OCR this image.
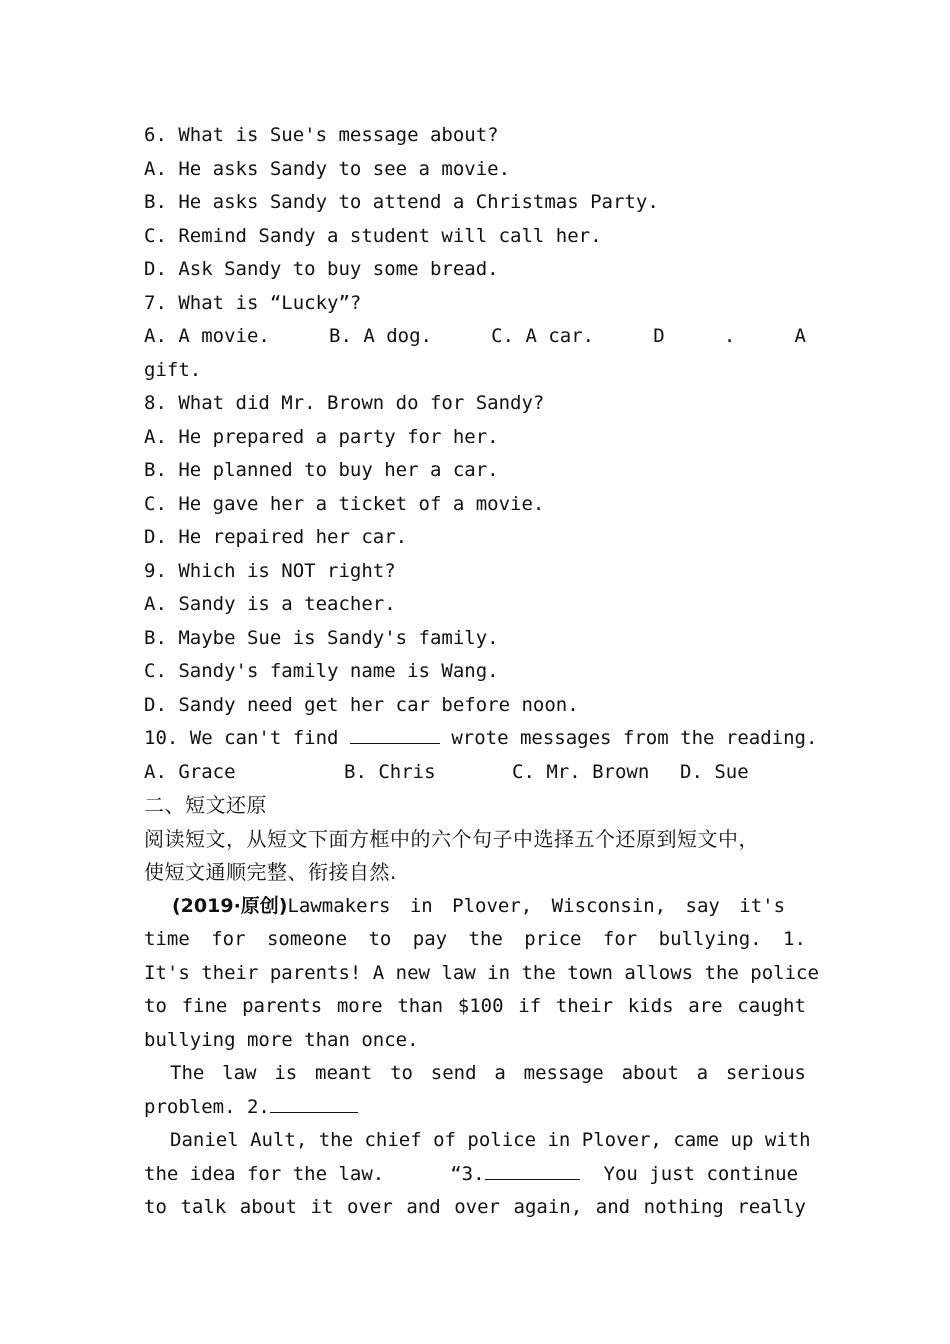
6. What is Sue's message about?
A. He asks Sandy to see a movie.
B. He asks Sandy to attend a Christmas Party.
C. Remind Sandy a student will call her.
D. Ask Sandy to buy some bread.
7. What is “Lucky”?
A. A movie.	B. A dog.	C. A car.	D	.	A
gift.
8. What did Mr. Brown do for Sandy?
A. He prepared a party for her.
B. He planned to buy her a car.
C. He gave her a ticket of a movie.
D. He repaired her car.
9. Which is NOT right?
A. Sandy is a teacher.
B. Maybe Sue is Sandy's family.
C. Sandy's family name is Wang.
D. Sandy need get her car before noon.
10. We can't find	wrote messages from the reading.
A. Grace	B. Chris	C. Mr. Brown D. Sue
二、短文还原
阅读短文，从短文下面方框中的六个句子中选择五个还原到短文中，
使短文通顺完整、衔接自然.
(2019·原创)Lawmakers in Plover, Wisconsin, say it's
time for someone to pay the price for bullying. 1.
It's their parents! A new law in the town allows the police
to fine parents more than $100 if their kids are caught
bullying more than once.
The law is meant to send a message about a serious
problem. 2.
Daniel Ault, the chief of police in Plover, came up with
the idea for the law.	“3.	You just continue
to talk about it over and over again, and nothing really
